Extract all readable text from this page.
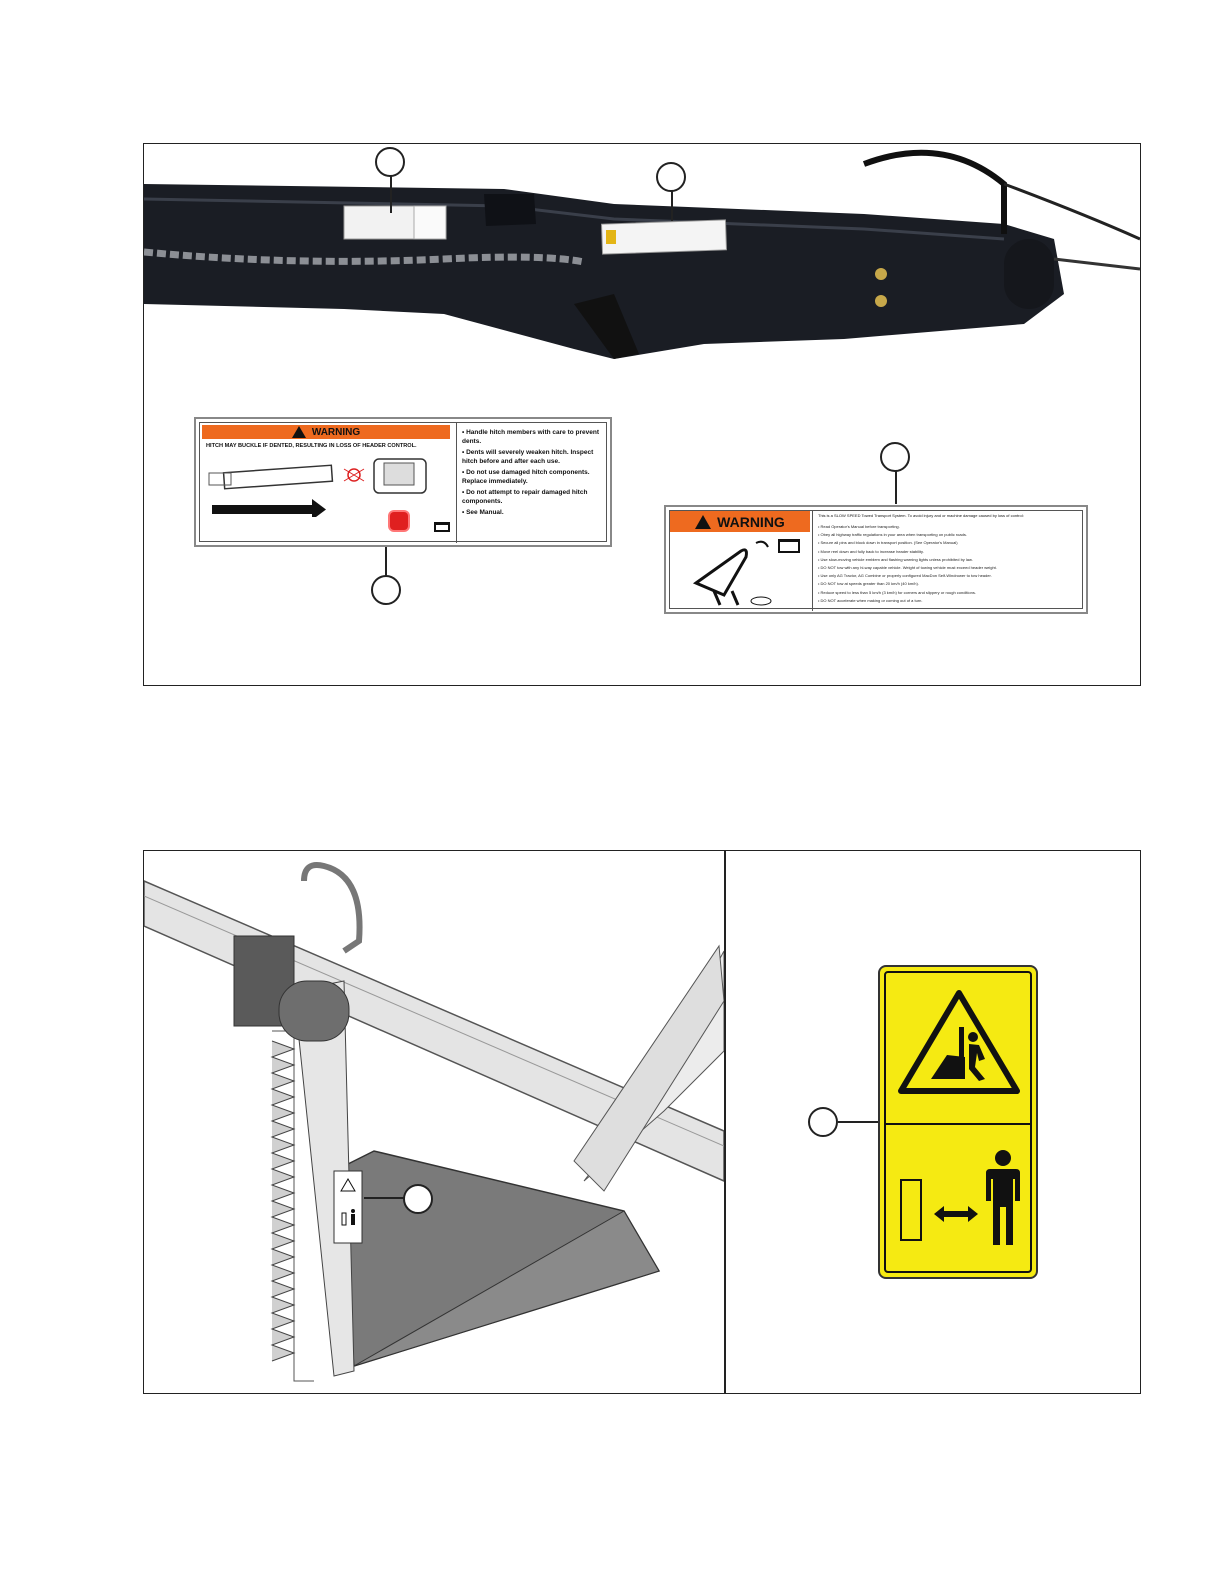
WARNING
HITCH MAY BUCKLE IF DENTED, RESULTING IN LOSS OF HEADER CONTROL.

• Handle hitch members with care to prevent dents.

• Dents will severely weaken hitch. Inspect hitch before and after each use.

• Do not use damaged hitch components. Replace immediately.

• Do not attempt to repair damaged hitch components.

• See Manual.

WARNING	This is a SLOW SPEED Towed Transport System. To avoid injury and or machine damage caused by loss of control:

• Read Operator's Manual before transporting.

• Obey all highway traffic regulations in your area when transporting on public roads.

• Secure all pins and block down in transport position. (See Operator's Manual)

• Move reel down and fully back to increase header stability.

• Use slow-moving vehicle emblem and flashing warning lights unless prohibited by law.

• DO NOT tow with any hi-way capable vehicle. Weight of towing vehicle must exceed header weight.

• Use only AG Tractor, AG Combine or properly configured MacDon Self-Windrower to tow header.

• DO NOT tow at speeds greater than 20 km/h (40 km/h).

• Reduce speed to less than 5 km/h (3 km/h) for corners and slippery or rough conditions.

• DO NOT accelerate when making or coming out of a turn.
